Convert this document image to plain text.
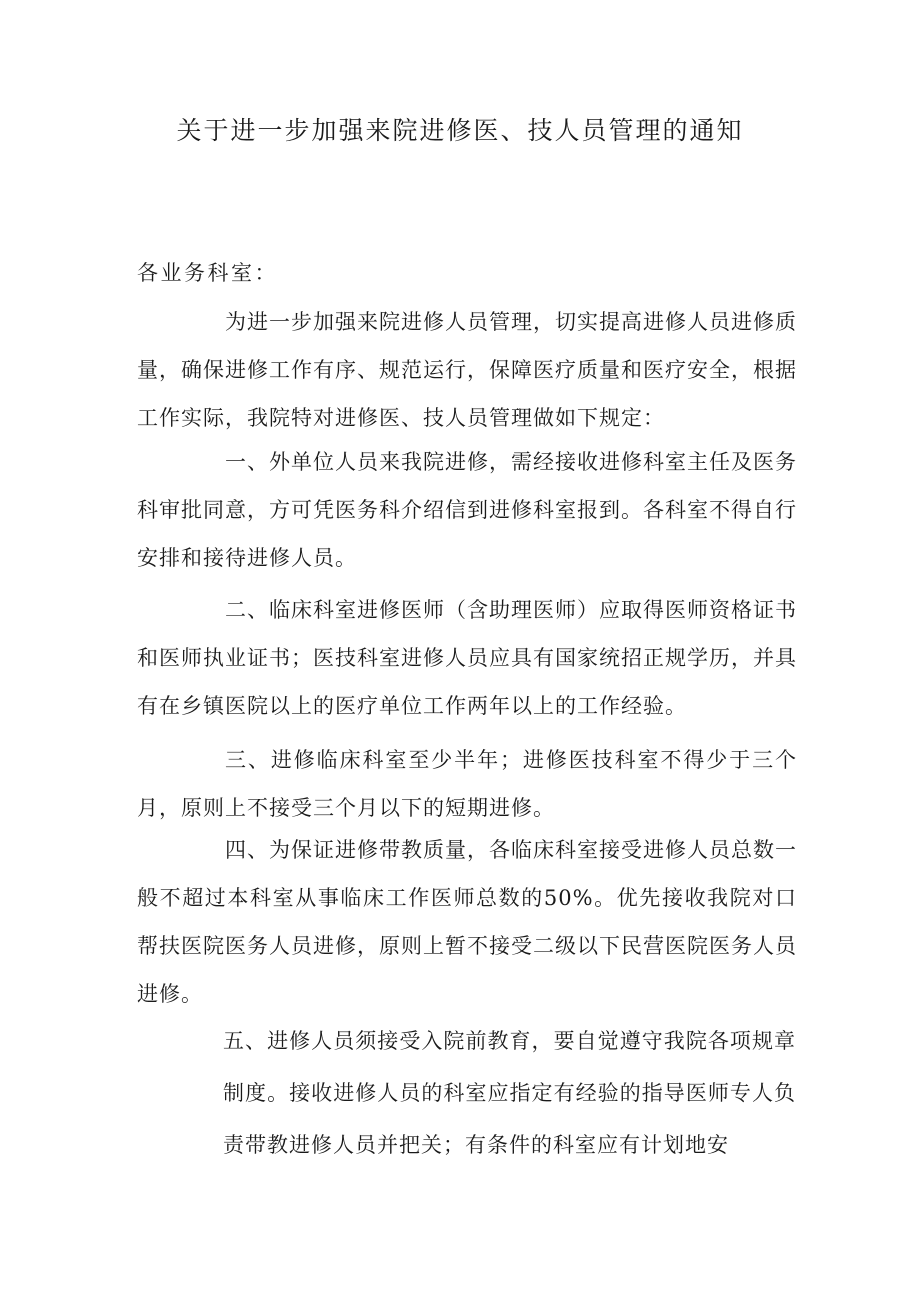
关于进一步加强来院进修医、技人员管理的通知
各业务科室：

为进一步加强来院进修人员管理，切实提高进修人员进修质量，确保进修工作有序、规范运行，保障医疗质量和医疗安全，根据工作实际，我院特对进修医、技人员管理做如下规定：

一、外单位人员来我院进修，需经接收进修科室主任及医务科审批同意，方可凭医务科介绍信到进修科室报到。各科室不得自行安排和接待进修人员。

二、临床科室进修医师（含助理医师）应取得医师资格证书和医师执业证书；医技科室进修人员应具有国家统招正规学历，并具有在乡镇医院以上的医疗单位工作两年以上的工作经验。

三、进修临床科室至少半年；进修医技科室不得少于三个月，原则上不接受三个月以下的短期进修。

四、为保证进修带教质量，各临床科室接受进修人员总数一般不超过本科室从事临床工作医师总数的50%。优先接收我院对口帮扶医院医务人员进修，原则上暂不接受二级以下民营医院医务人员进修。

五、进修人员须接受入院前教育，要自觉遵守我院各项规章制度。接收进修人员的科室应指定有经验的指导医师专人负责带教进修人员并把关；有条件的科室应有计划地安
